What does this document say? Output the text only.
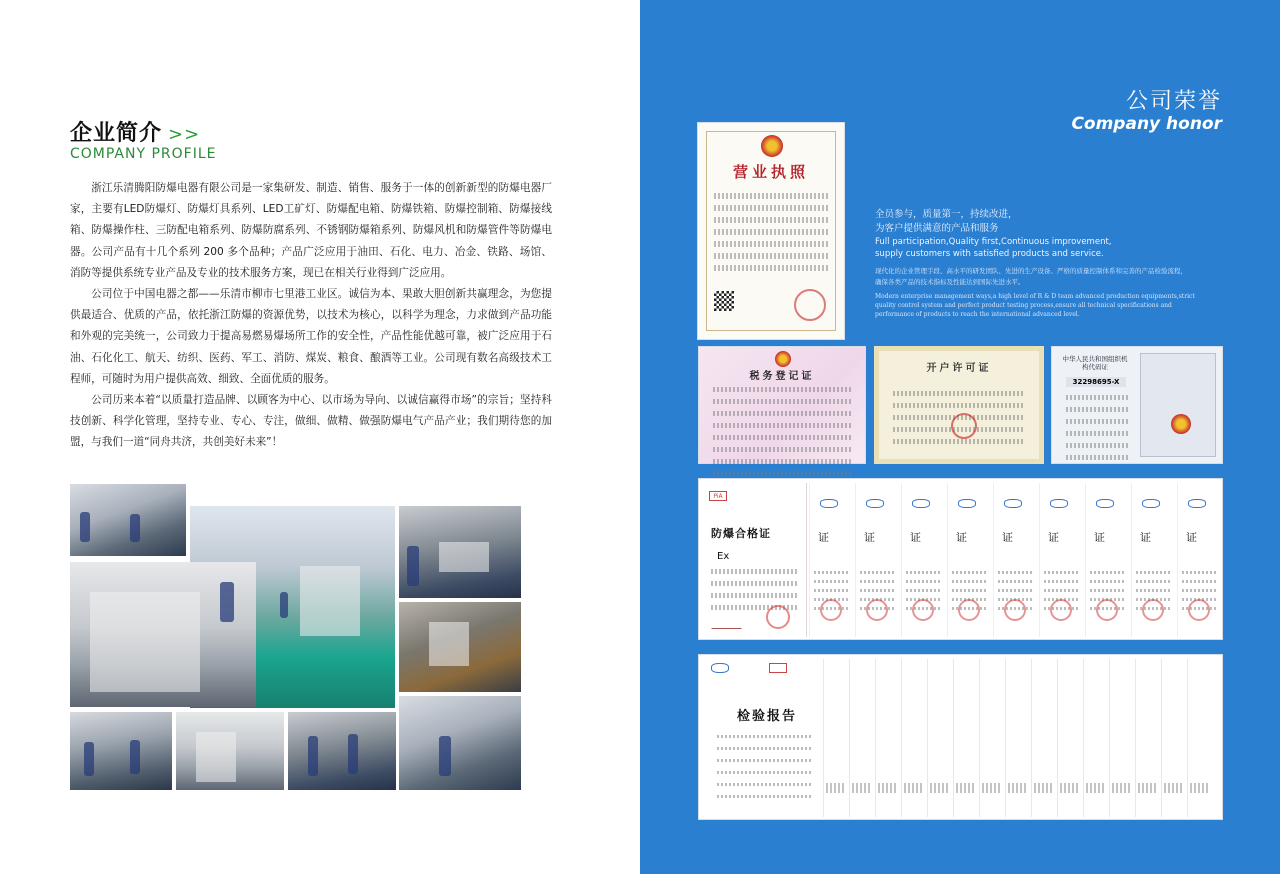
企业简介 >>
COMPANY PROFILE

浙江乐清腾阳防爆电器有限公司是一家集研发、制造、销售、服务于一体的创新新型的防爆电器厂家，主要有LED防爆灯、防爆灯具系列、LED工矿灯、防爆配电箱、防爆铁箱、防爆控制箱、防爆接线箱、防爆操作柱、三防配电箱系列、防爆防腐系列、不锈钢防爆箱系列、防爆风机和防爆管件等防爆电器。公司产品有十几个系列 200 多个品种；产品广泛应用于油田、石化、电力、冶金、铁路、场馆、消防等提供系统专业产品及专业的技术服务方案，现已在相关行业得到广泛应用。

公司位于中国电器之都——乐清市柳市七里港工业区。诚信为本、果敢大胆创新共赢理念，为您提供最适合、优质的产品，依托浙江防爆的资源优势，以技术为核心，以科学为理念，力求做到产品功能和外观的完美统一，公司致力于提高易燃易爆场所工作的安全性，产品性能优越可靠，被广泛应用于石油、石化化工、航天、纺织、医药、军工、消防、煤炭、粮食、酿酒等工业。公司现有数名高级技术工程师，可随时为用户提供高效、细致、全面优质的服务。

公司历来本着“以质量打造品牌、以顾客为中心、以市场为导向、以诚信赢得市场”的宗旨；坚持科技创新、科学化管理，坚持专业、专心、专注，做细、做精、做强防爆电气产品产业；我们期待您的加盟，与我们一道“同舟共济，共创美好未来”！

公司荣誉
Company honor
全员参与，质量第一，持续改进，
为客户提供满意的产品和服务
Full participation,Quality first,Continuous improvement,
supply customers with satisfied products and service.
现代化的企业管理手段、高水平的研发团队、先进的生产设备、严格的质量控制体系和完善的产品检验流程，
确保各类产品的技术指标及性能达到国际先进水平。
Modern enterprise management ways,a high level of R & D team advanced production equipments,strict quality control system and perfect product testing process,ensure all technical specifications and performance of products to reach the international advanced level.
营业执照
税务登记证
开户许可证
中华人民共和国组织机构代码证
32298695-X
PiA
防爆合格证
Ex
证	证	证	证	证	证	证	证	证
检验报告
